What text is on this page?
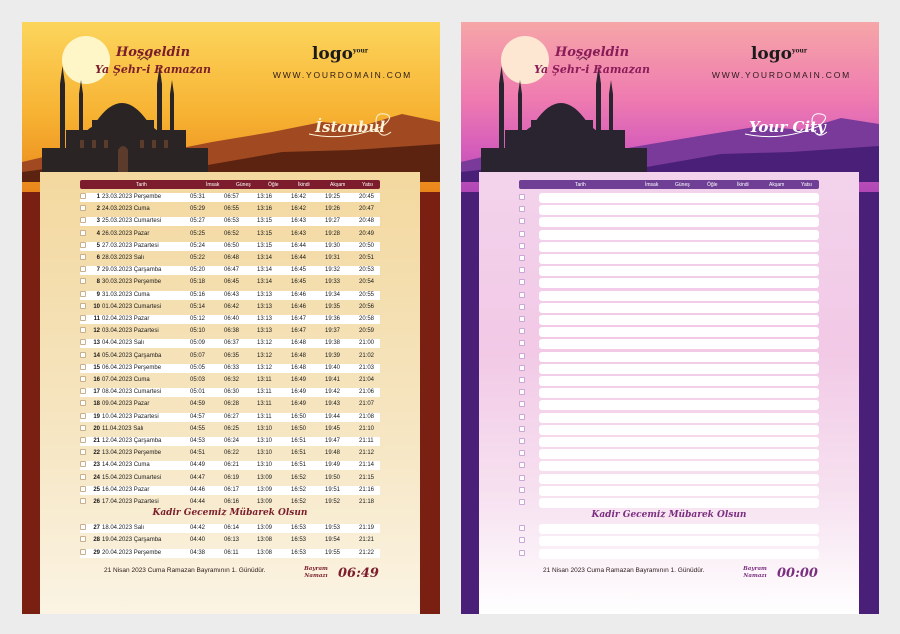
Hoşgeldin
Ya Şehr-i Ramazan
logo$^{your}$
WWW.YOURDOMAIN.COM
İstanbul
Tarih	İmsak	Güneş	Öğle	İkindi	Akşam	Yatsı
1 23.03.2023 Perşembe	05:31	06:57	13:16	16:42	19:25	20:45
2 24.03.2023 Cuma	05:29	06:55	13:16	16:42	19:26	20:47
3 25.03.2023 Cumartesi	05:27	06:53	13:15	16:43	19:27	20:48
4 26.03.2023 Pazar	05:25	06:52	13:15	16:43	19:28	20:49
5 27.03.2023 Pazartesi	05:24	06:50	13:15	16:44	19:30	20:50
6 28.03.2023 Salı	05:22	06:48	13:14	16:44	19:31	20:51
7 29.03.2023 Çarşamba	05:20	06:47	13:14	16:45	19:32	20:53
8 30.03.2023 Perşembe	05:18	06:45	13:14	16:45	19:33	20:54
9 31.03.2023 Cuma	05:16	06:43	13:13	16:46	19:34	20:55
10 01.04.2023 Cumartesi	05:14	06:42	13:13	16:46	19:35	20:56
11 02.04.2023 Pazar	05:12	06:40	13:13	16:47	19:36	20:58
12 03.04.2023 Pazartesi	05:10	06:38	13:13	16:47	19:37	20:59
13 04.04.2023 Salı	05:09	06:37	13:12	16:48	19:38	21:00
14 05.04.2023 Çarşamba	05:07	06:35	13:12	16:48	19:39	21:02
15 06.04.2023 Perşembe	05:05	06:33	13:12	16:48	19:40	21:03
16 07.04.2023 Cuma	05:03	06:32	13:11	16:49	19:41	21:04
17 08.04.2023 Cumartesi	05:01	06:30	13:11	16:49	19:42	21:06
18 09.04.2023 Pazar	04:59	06:28	13:11	16:49	19:43	21:07
19 10.04.2023 Pazartesi	04:57	06:27	13:11	16:50	19:44	21:08
20 11.04.2023 Salı	04:55	06:25	13:10	16:50	19:45	21:10
21 12.04.2023 Çarşamba	04:53	06:24	13:10	16:51	19:47	21:11
22 13.04.2023 Perşembe	04:51	06:22	13:10	16:51	19:48	21:12
23 14.04.2023 Cuma	04:49	06:21	13:10	16:51	19:49	21:14
24 15.04.2023 Cumartesi	04:47	06:19	13:09	16:52	19:50	21:15
25 16.04.2023 Pazar	04:46	06:17	13:09	16:52	19:51	21:16
26 17.04.2023 Pazartesi	04:44	06:16	13:09	16:52	19:52	21:18
27 18.04.2023 Salı	04:42	06:14	13:09	16:53	19:53	21:19
28 19.04.2023 Çarşamba	04:40	06:13	13:08	16:53	19:54	21:21
29 20.04.2023 Perşembe	04:38	06:11	13:08	16:53	19:55	21:22
Kadir Gecemiz Mübarek Olsun
21 Nisan 2023 Cuma Ramazan Bayramının 1. Günüdür.	Bayram
Namazı 06:49
Hoşgeldin
Ya Şehr-i Ramazan
logo$^{your}$
WWW.YOURDOMAIN.COM
Your City
Tarih	İmsak	Güneş	Öğle	İkindi	Akşam	Yatsı
Kadir Gecemiz Mübarek Olsun
21 Nisan 2023 Cuma Ramazan Bayramının 1. Günüdür.	Bayram
Namazı 00:00
